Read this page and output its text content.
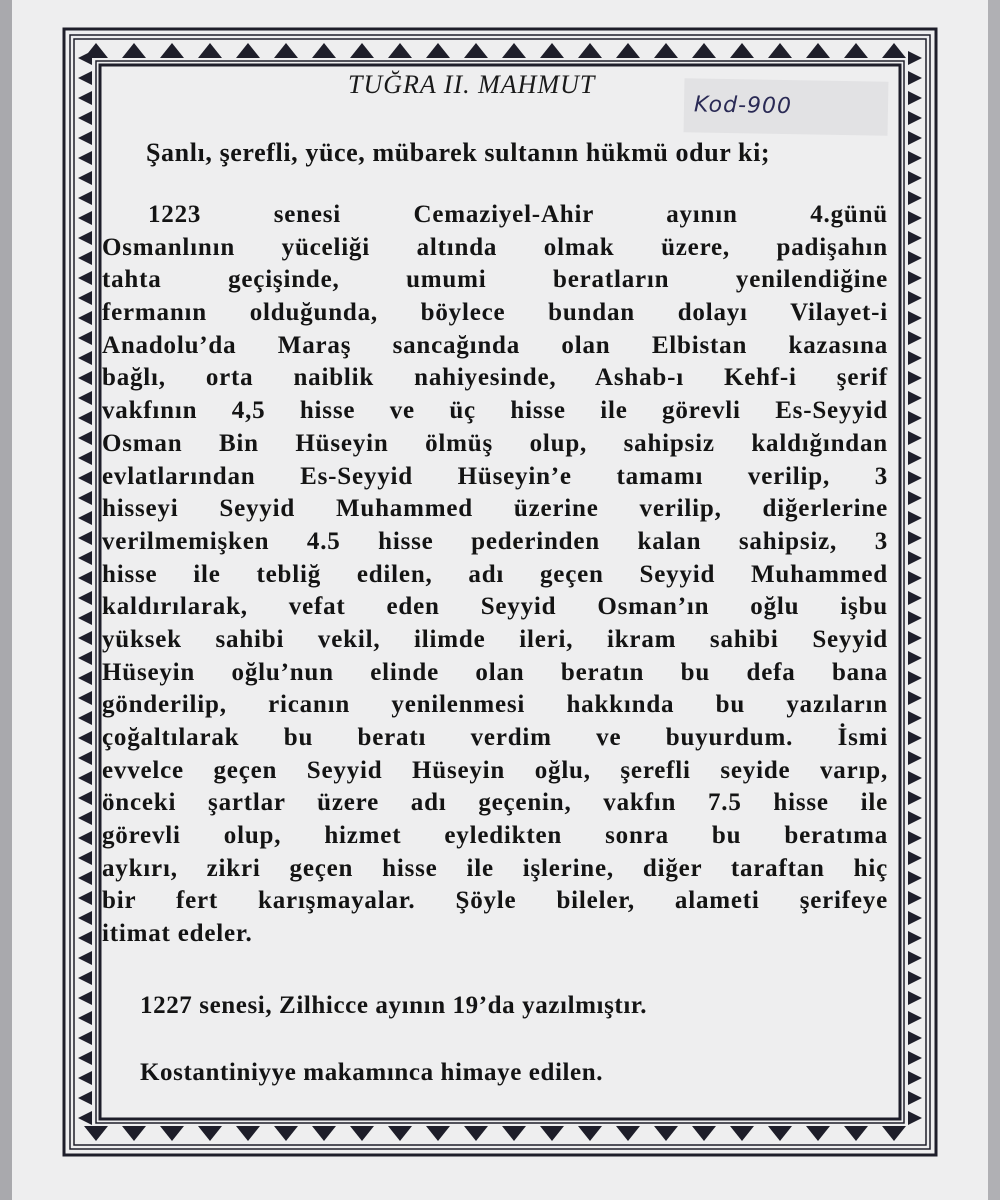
TUĞRA II. MAHMUT
Kod-900
Şanlı, şerefli, yüce, mübarek sultanın hükmü odur ki;
1223 senesi Cemaziyel-Ahir ayının 4.günü
Osmanlının yüceliği altında olmak üzere, padişahın
tahta geçişinde, umumi beratların yenilendiğine
fermanın olduğunda, böylece bundan dolayı Vilayet-i
Anadolu’da Maraş sancağında olan Elbistan kazasına
bağlı, orta naiblik nahiyesinde, Ashab-ı Kehf-i şerif
vakfının 4,5 hisse ve üç hisse ile görevli Es-Seyyid
Osman Bin Hüseyin ölmüş olup, sahipsiz kaldığından
evlatlarından Es-Seyyid Hüseyin’e tamamı verilip, 3
hisseyi Seyyid Muhammed üzerine verilip, diğerlerine
verilmemişken 4.5 hisse pederinden kalan sahipsiz, 3
hisse ile tebliğ edilen, adı geçen Seyyid Muhammed
kaldırılarak, vefat eden Seyyid Osman’ın oğlu işbu
yüksek sahibi vekil, ilimde ileri, ikram sahibi Seyyid
Hüseyin oğlu’nun elinde olan beratın bu defa bana
gönderilip, ricanın yenilenmesi hakkında bu yazıların
çoğaltılarak bu beratı verdim ve buyurdum. İsmi
evvelce geçen Seyyid Hüseyin oğlu, şerefli seyide varıp,
önceki şartlar üzere adı geçenin, vakfın 7.5 hisse ile
görevli olup, hizmet eyledikten sonra bu beratıma
aykırı, zikri geçen hisse ile işlerine, diğer taraftan hiç
bir fert karışmayalar. Şöyle bileler, alameti şerifeye
itimat edeler.
1227 senesi, Zilhicce ayının 19’da yazılmıştır.
Kostantiniyye makamınca himaye edilen.
